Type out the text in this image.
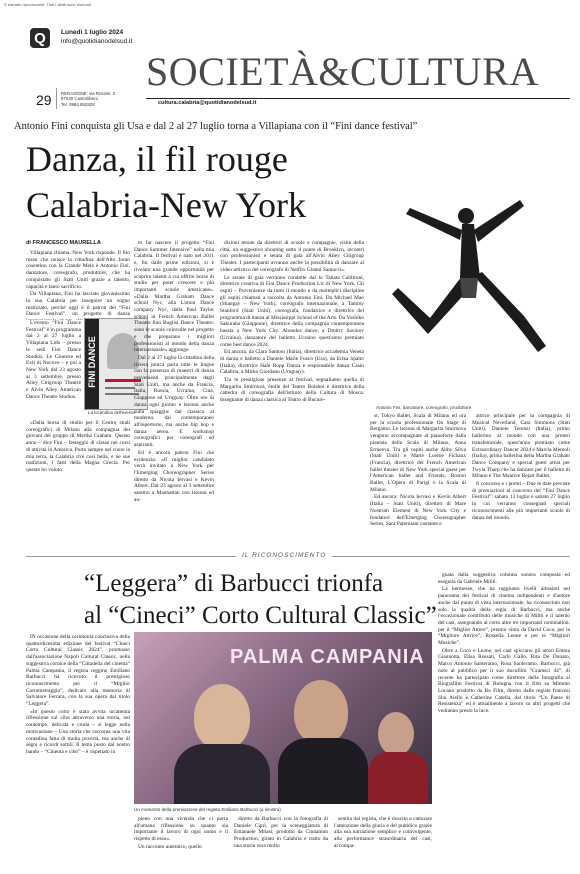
© estratto riproduzione. Tutti i diritti sono riservati
Q Lunedì 1 luglio 2024
info@quotidianodelsud.it
29 REDAZIONE: via Rossini, 2
87040 Castrolibero
Tel. 0984.852828
SOCIETÀ&CULTURA
cultura.calabria@quotidianodelsud.it
Antonio Fini conquista gli Usa e dal 2 al 27 luglio torna a Villapiana con il “Fini dance festival”
Danza, il fil rouge
Calabria-New York
Antonio Fini, danzatore, coreografo, produttore
di FRANCESCO MAURELLA

Villapiana chiama, New York risponde. Il filo rosso che unisce la cittadina dell'Alto Jonio cosentino con la Grande Mela è Antonio Fini, danzatore, coreografo, produttore, che ha conquistato gli Stati Uniti grazie a talento, capacità e tanto sacrificio.

Da Villapiana, Fini ha lasciato giovanissimo la sua Calabria per inseguire un sogno realizzato, perché oggi è il patron del “Fini Dance Festival”, un progetto di danza

FINI DANCE
La locandina dell'evento

L'evento “Fini Dance Festival” è in programma dal 2 al 27 luglio a Villapiana Lido – presso le sedi Fini Dance Studios, Le Ginestre ed Exit di Nocove – e poi a New York dal 23 agosto al 3 settembre, presso Ailey Citigroup Theatre e Alvin Ailey American Dance Theatre Studios.

«Dalla borsa di studio per il Centro studi coreografici di Milano alla compagnia dei giovani del gruppo di Martha Graham. Questo anno – dice Fini – festeggio di classe nei corsi di attività in America. Porto sempre nel cuore la mia terra, la Calabria ch'è così bella, e ne sue tradizioni, i fasti della Magna Grecia. Per questo ho voluto

to far nascere il progetto “Fini Dance Summer Intensive” nella mia Calabria. Il festival è nato nel 2011 e, fin dalle prime edizioni, si è rivelato una grande opportunità per scoprire talenti a cui offrire borse di studio per poter crescere e più importanti scuole americane». «Dalla Martha Graham Dance school Nyc, alla Limon Dance company Nyc, dalla Paul Taylor school al French American Ballet Theatre fino Buglisi Dance Theatre: sono le scuole coinvolte nel progetto e che preparano i migliori professionisti al mondo della danza internazionale» aggiunge.

Dal 2 al 27 luglio la cittadina della riviera jonica parla tutte le lingue con la presenza di maestri di danza provenienti principalmente dagli Stati Uniti, ma anche da Francia, Italia, Russia, Ucraina, Cina, Giappone ed Uruguay. Oltre ore di danza ogni giorno e lezioni anche sulla spiaggia: dal classico al moderno, dal contemporaneo all'repertorio, ma anche hip hop e danza aerea. E workshop coreografici per coreografi ed aspiranti.

Ed è ancora patron Fini che evidenzia: «Il miglior candidato verrà invitato a New York per l'Emerging Choreographer Series diretto da Nicola Iervasi e Kevin Albert. Dal 23 agosto al 3 settembre saremo a Manhattan con lezioni ed au-

dizioni tenute da direttori di scuole e compagnie, visite della città, un suggestivo shooting sotto il ponte di Brooklyn, incontri con professionisti e serata di gala all'Alvin Ailey Citigroup Theater. I partecipanti avranno anche la possibilità di danzare al video artistico del coreografo di Netflix Gianni Santucci».

Le serate di gala verranno condotte dal lo Tabata Caldironi, direttrice creativa di Fini Dance Production Llc di New York. Gli ospiti – Provenienze da tutto il mondo e da molteplici discipline gli ospiti chiamati a raccolta da Antonio Fini. Da Michael Mao (Shangay – New York), coreografo internazionale, a Tammy Stanford (Stati Uniti), coreografa, fondatrice e direttrice del programma di danza al Mississippi School of the Arts. Da Yoshiko Sakuraba (Giappone), direttrice della compagnia contemporanea basata a New York City. Abundos dance, a Dmitry Savinov (Ucraina), danzatore del balletto Ucraino quest'anno premiato come best dance 2024.

Ed ancora, da Clara Santoni (Italia), direttrice accademia Veneta di danza e balletto a Daniele Marie Fusco (Usa), da Erika Spalto (Italia), direttrice Hale Bopp Danza e responsabile danza Casin Calabria, a Mirko Giordano (Uruguay).

Tra le prestigiose presenze al festival, segnaliamo quella di Margarita Smirnova, étoile del Teatro Bolshoi e direttrice della cattedra di coreografia dell'istituto della Cultura di Mosca. Insegnante di danza classica al Teatro di Bucure-

st, Tokyo Ballet, Scala di Milano ed ora per la scuola professionale On Stage di Bergamo. Le lezioni di Margarita Smirnova vengono accompagnate al pianoforte dalla pianista della Scala di Milano, Anna Ermeeva. Tra gli ospiti anche Abby Silva (Stati Uniti) e Marie Lorene Fichaux (Francia), direttrice del French American ballet theater di New York special guest per l'American ballet and Friends, Boston Ballet, L'Opera di Parigi e la Scala di Milano.

Ed ancora: Nicola Iervasi e Kevin Albert (Italia – Stati Uniti), direttori di Mare Nostrum Element di New York City e fondatori dell'Emerging Choreographer Series, Sara Paternianì cantante e

attrice principale per la compagnia di Musical Neverland, Cass Simmons (Stati Uniti), Daniele Terenzi (Italia), primo ballerino al mondo con una protesi transfemorale, quest'anno premiato come Extraordinary Dancer 2024 e Marcia Memoli (Italia), prima ballerina della Martha Graham Dance Company e special guest artist per Twyla Tharp che ha danzato per il balletto di Milano e The Maurice Bejart Ballet.

Il concorso e i premi – Due le date previste di premiazioni al concorso del “Fini Dance Festival”: sabato 13 luglio e sabato 27 luglio in cui verranno consegnati speciali riconoscimenti alle più importanti scuole di danza del mondo.

IL RICONOSCIMENTO
“Leggera” di Barbucci trionfa
al “Cineci” Corto Cultural Classic”
PALMA CAMPANIA
Un momento della premiazione del regista Emiliano Barbucci (a sinistra)

IN occasione della cerimonia conclusiva della quattordicesima edizione del festival “Cineci Corto Cultural Classic 2024”, promosso dall'associazione Napoli Cultural Classic, nella suggestiva cornice della “Cittadella del cinema” Palma Campania, il regista reggino Emiliano Barbucci ha ricevuto il prestigioso riconoscimento per il “Miglior Cortometraggio”, dedicato alla memoria di Salvatore Ferrara, con la sua opera dal titolo “Leggera”.

«In questo corto è stata avvita un'attenta riflessione sul cibo attraverso una storia, nel contempo, delicata e cruda – si legge nella motivazione – Una storia che racconta una vita contadina fatta di molta povertà, ma anche di segni e ricordi sottili. Il tema posto dal nostro bando – “Cinema e cibo” – è rispettato in

pieno con una vicenda che ci porta all'umana riflessione su quanto sia importante il lavoro di ogni uomo e il rispetto di esso».

Un racconto autentico, quello

diretto da Barbucci con la fotografia di Daniele Ciprì, per la sceneggiatura di Emanuele Milasi, prodotto da Cinnamon Production, girato in Calabria e tratto da una storia vera molto

sentita dal regista, che è riuscito a catturare l'attenzione della giuria e del pubblico grazie alla sua narrazione semplice e coinvolgente, alla performance straordinaria del cast, accompa-

gnata dalla suggestiva colonna sonora composta ed eseguita da Gabriele Militi.

La kermesse, che ha raggiunto livelli altissimi nel panorama dei festival di cinema indipendenti e d'autore anche dal punto di vista internazionale, ha riconosciuto non solo la qualità della regia di Barbucci, ma anche l'eccezionale contributo delle musiche di Militi e il talento del cast, assegnando al corto altre tre importanti nomination: per il “Miglior Attore”, premio vinto da David Coco, per la “Migliore Attrice”, Rossella Leone e per le “Migliori Musiche”.

Oltre a Coco e Leone, nel cast spiccano gli attori Emma Giannotta, Elisa Rossati, Carlo Gallo, Rita De Donato, Marco Antonio Santeramo, Rosa Santeramo. Barbucci, già noto al pubblico per il suo docufilm “Gramsci 44”, di recente ha partecipato come direttore della fotografia al Biografilm Festival di Bologna con il film su Mimmo Lucano prodotto da Bo Film, diretto dalle registe francesi Shu Aiello e Catherine Catella, dal titolo “Un Paese di Resistenza” ed è attualmente a lavoro su altri progetti che vedranno presto la luce.
